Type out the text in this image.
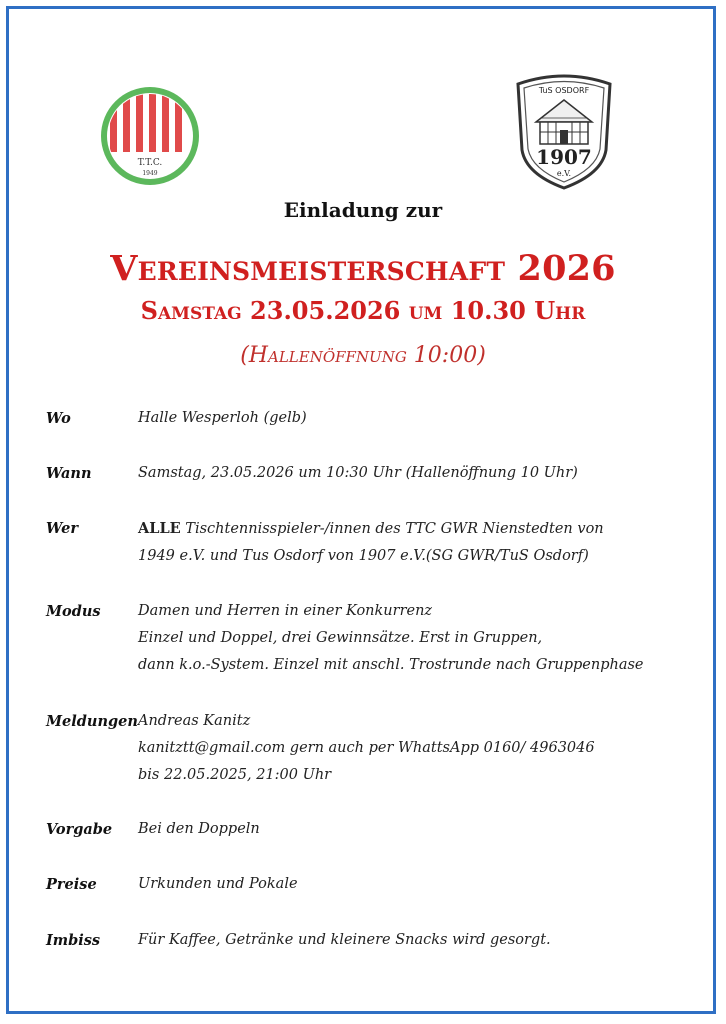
T.T.C.
1949
TuS OSDORF
1907
e.V.
Einladung zur
Vereinsmeisterschaft 2026
Samstag 23.05.2026 um 10.30 Uhr
(Hallenöffnung 10:00)
Wo	Halle Wesperloh (gelb)
Wann	Samstag, 23.05.2026 um 10:30 Uhr (Hallenöffnung 10 Uhr)
Wer	ALLE Tischtennisspieler-/innen des TTC GWR Nienstedten von
1949 e.V. und Tus Osdorf von 1907 e.V.(SG GWR/TuS Osdorf)
Modus	Damen und Herren in einer Konkurrenz
Einzel und Doppel, drei Gewinnsätze. Erst in Gruppen,
dann k.o.-System. Einzel mit anschl. Trostrunde nach Gruppenphase
Meldungen Andreas Kanitz
kanitztt@gmail.com gern auch per WhattsApp 0160/ 4963046
bis 22.05.2025, 21:00 Uhr
Vorgabe Bei den Doppeln
Preise	Urkunden und Pokale
Imbiss	Für Kaffee, Getränke und kleinere Snacks wird gesorgt.
